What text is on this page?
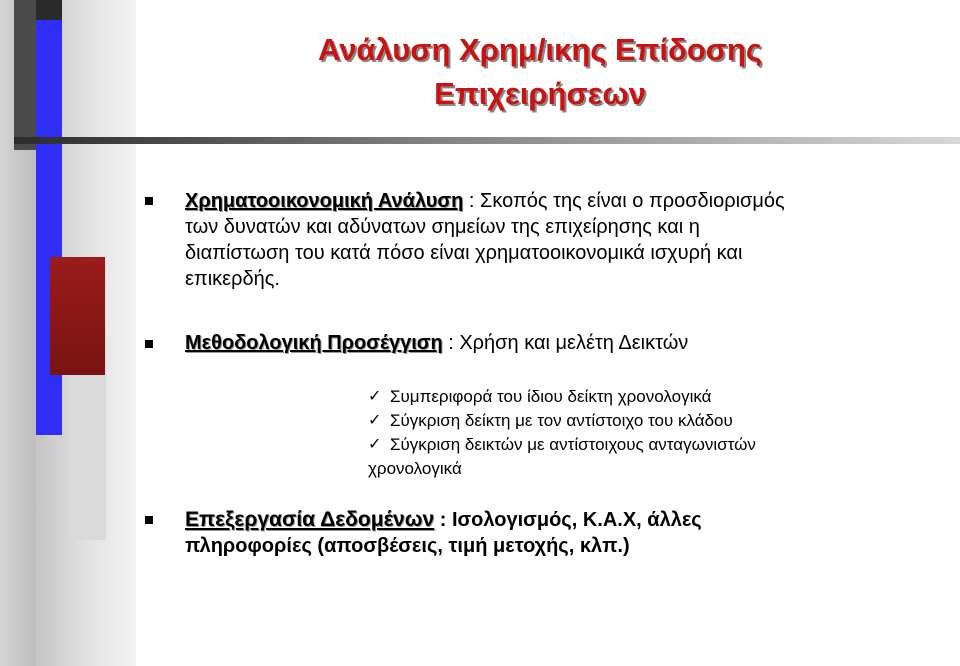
Ανάλυση Χρημ/ικης Επίδοσης
Επιχειρήσεων

Χρηματοοικονομική Ανάλυση : Σκοπός της είναι ο προσδιορισμός των δυνατών και αδύνατων σημείων της επιχείρησης και η διαπίστωση του κατά πόσο είναι χρηματοοικονομικά ισχυρή και επικερδής.

Μεθοδολογική Προσέγγιση : Χρήση και μελέτη Δεικτών

✓ Συμπεριφορά του ίδιου δείκτη χρονολογικά
✓ Σύγκριση δείκτη με τον αντίστοιχο του κλάδου
✓ Σύγκριση δεικτών με αντίστοιχους ανταγωνιστών
χρονολογικά

Επεξεργασία Δεδομένων : Ισολογισμός, Κ.Α.Χ, άλλες πληροφορίες (αποσβέσεις, τιμή μετοχής, κλπ.)
